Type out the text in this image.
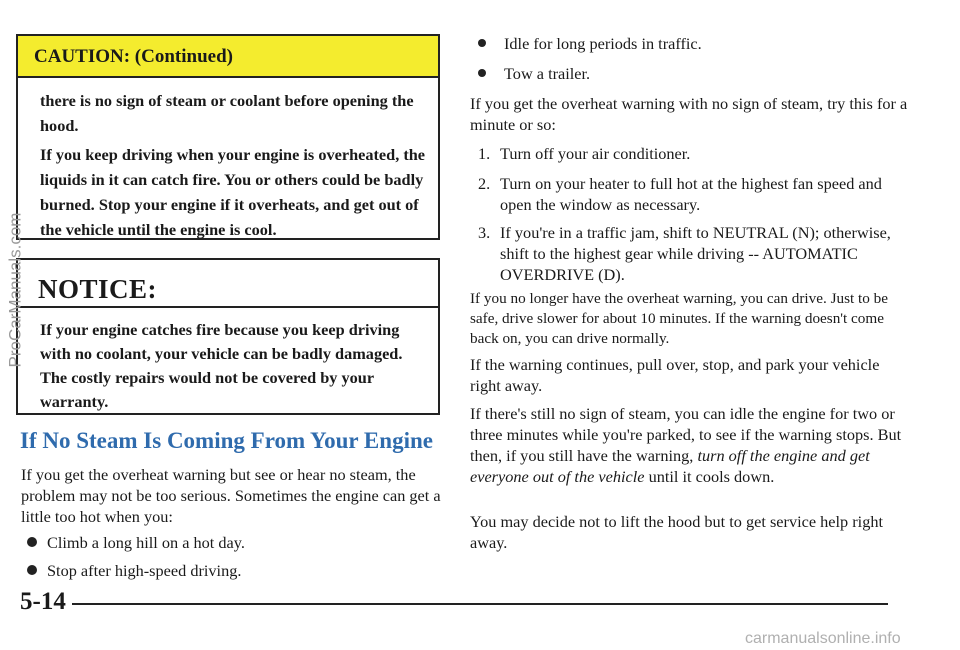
CAUTION: (Continued)

there is no sign of steam or coolant before opening the hood.

If you keep driving when your engine is overheated, the liquids in it can catch fire. You or others could be badly burned. Stop your engine if it overheats, and get out of the vehicle until the engine is cool.

NOTICE:

If your engine catches fire because you keep driving with no coolant, your vehicle can be badly damaged. The costly repairs would not be covered by your warranty.

If No Steam Is Coming From Your Engine

If you get the overheat warning but see or hear no steam, the problem may not be too serious. Sometimes the engine can get a little too hot when you:

Climb a long hill on a hot day.
Stop after high-speed driving.
Idle for long periods in traffic.
Tow a trailer.

If you get the overheat warning with no sign of steam, try this for a minute or so:

1. Turn off your air conditioner.
2. Turn on your heater to full hot at the highest fan speed and open the window as necessary.
3. If you're in a traffic jam, shift to NEUTRAL (N); otherwise, shift to the highest gear while driving -- AUTOMATIC OVERDRIVE (D).

If you no longer have the overheat warning, you can drive. Just to be safe, drive slower for about 10 minutes. If the warning doesn't come back on, you can drive normally.

If the warning continues, pull over, stop, and park your vehicle right away.

If there's still no sign of steam, you can idle the engine for two or three minutes while you're parked, to see if the warning stops. But then, if you still have the warning, turn off the engine and get everyone out of the vehicle until it cools down.

You may decide not to lift the hood but to get service help right away.

5-14
ProCarManuals.com
carmanualsonline.info
